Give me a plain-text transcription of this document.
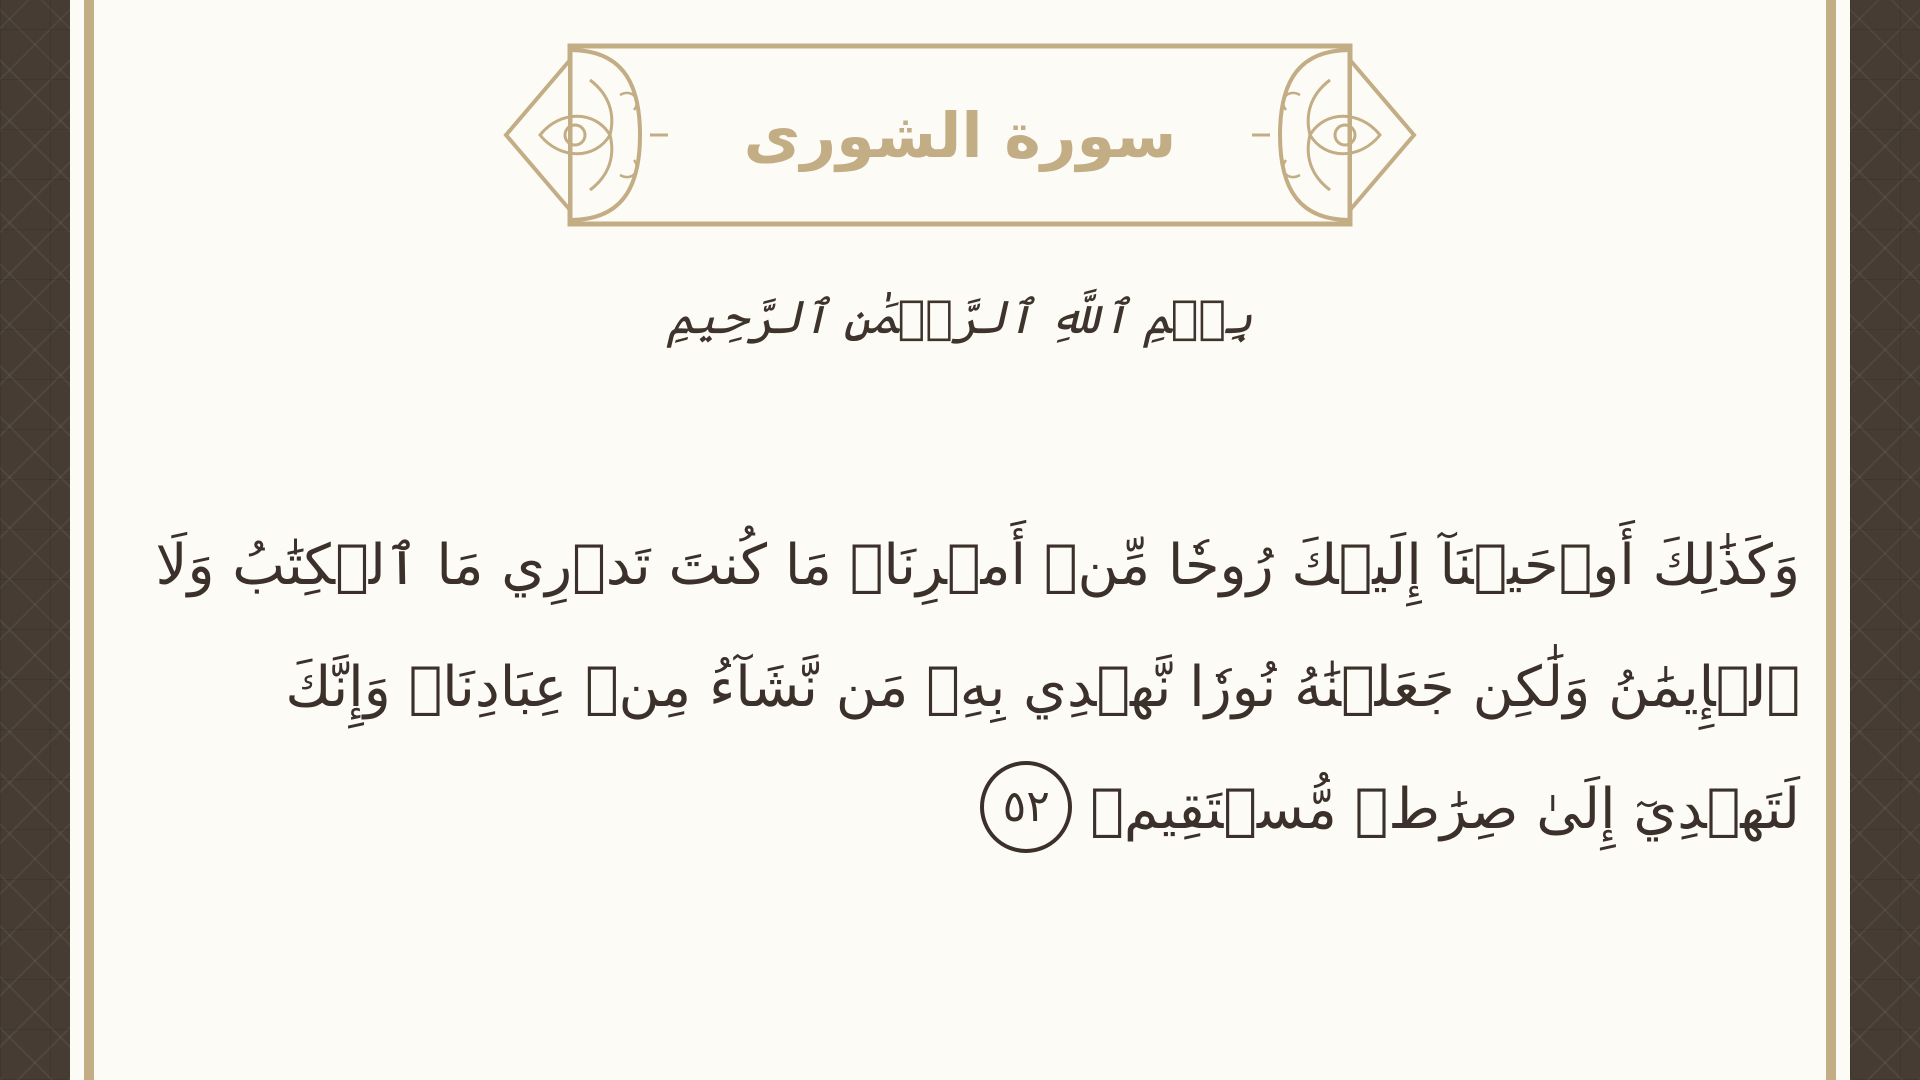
سورة الشورى
بِسۡمِ ٱللَّهِ ٱلرَّحۡمَٰنِ ٱلرَّحِيمِ
وَكَذَٰلِكَ أَوۡحَيۡنَآ إِلَيۡكَ رُوحٗا مِّنۡ أَمۡرِنَاۚ مَا كُنتَ تَدۡرِي مَا ٱلۡكِتَٰبُ وَلَا
ٱلۡإِيمَٰنُ وَلَٰكِن جَعَلۡنَٰهُ نُورٗا نَّهۡدِي بِهِۦ مَن نَّشَآءُ مِنۡ عِبَادِنَاۚ وَإِنَّكَ
لَتَهۡدِيٓ إِلَىٰ صِرَٰطٖ مُّسۡتَقِيمٖ٥٢
